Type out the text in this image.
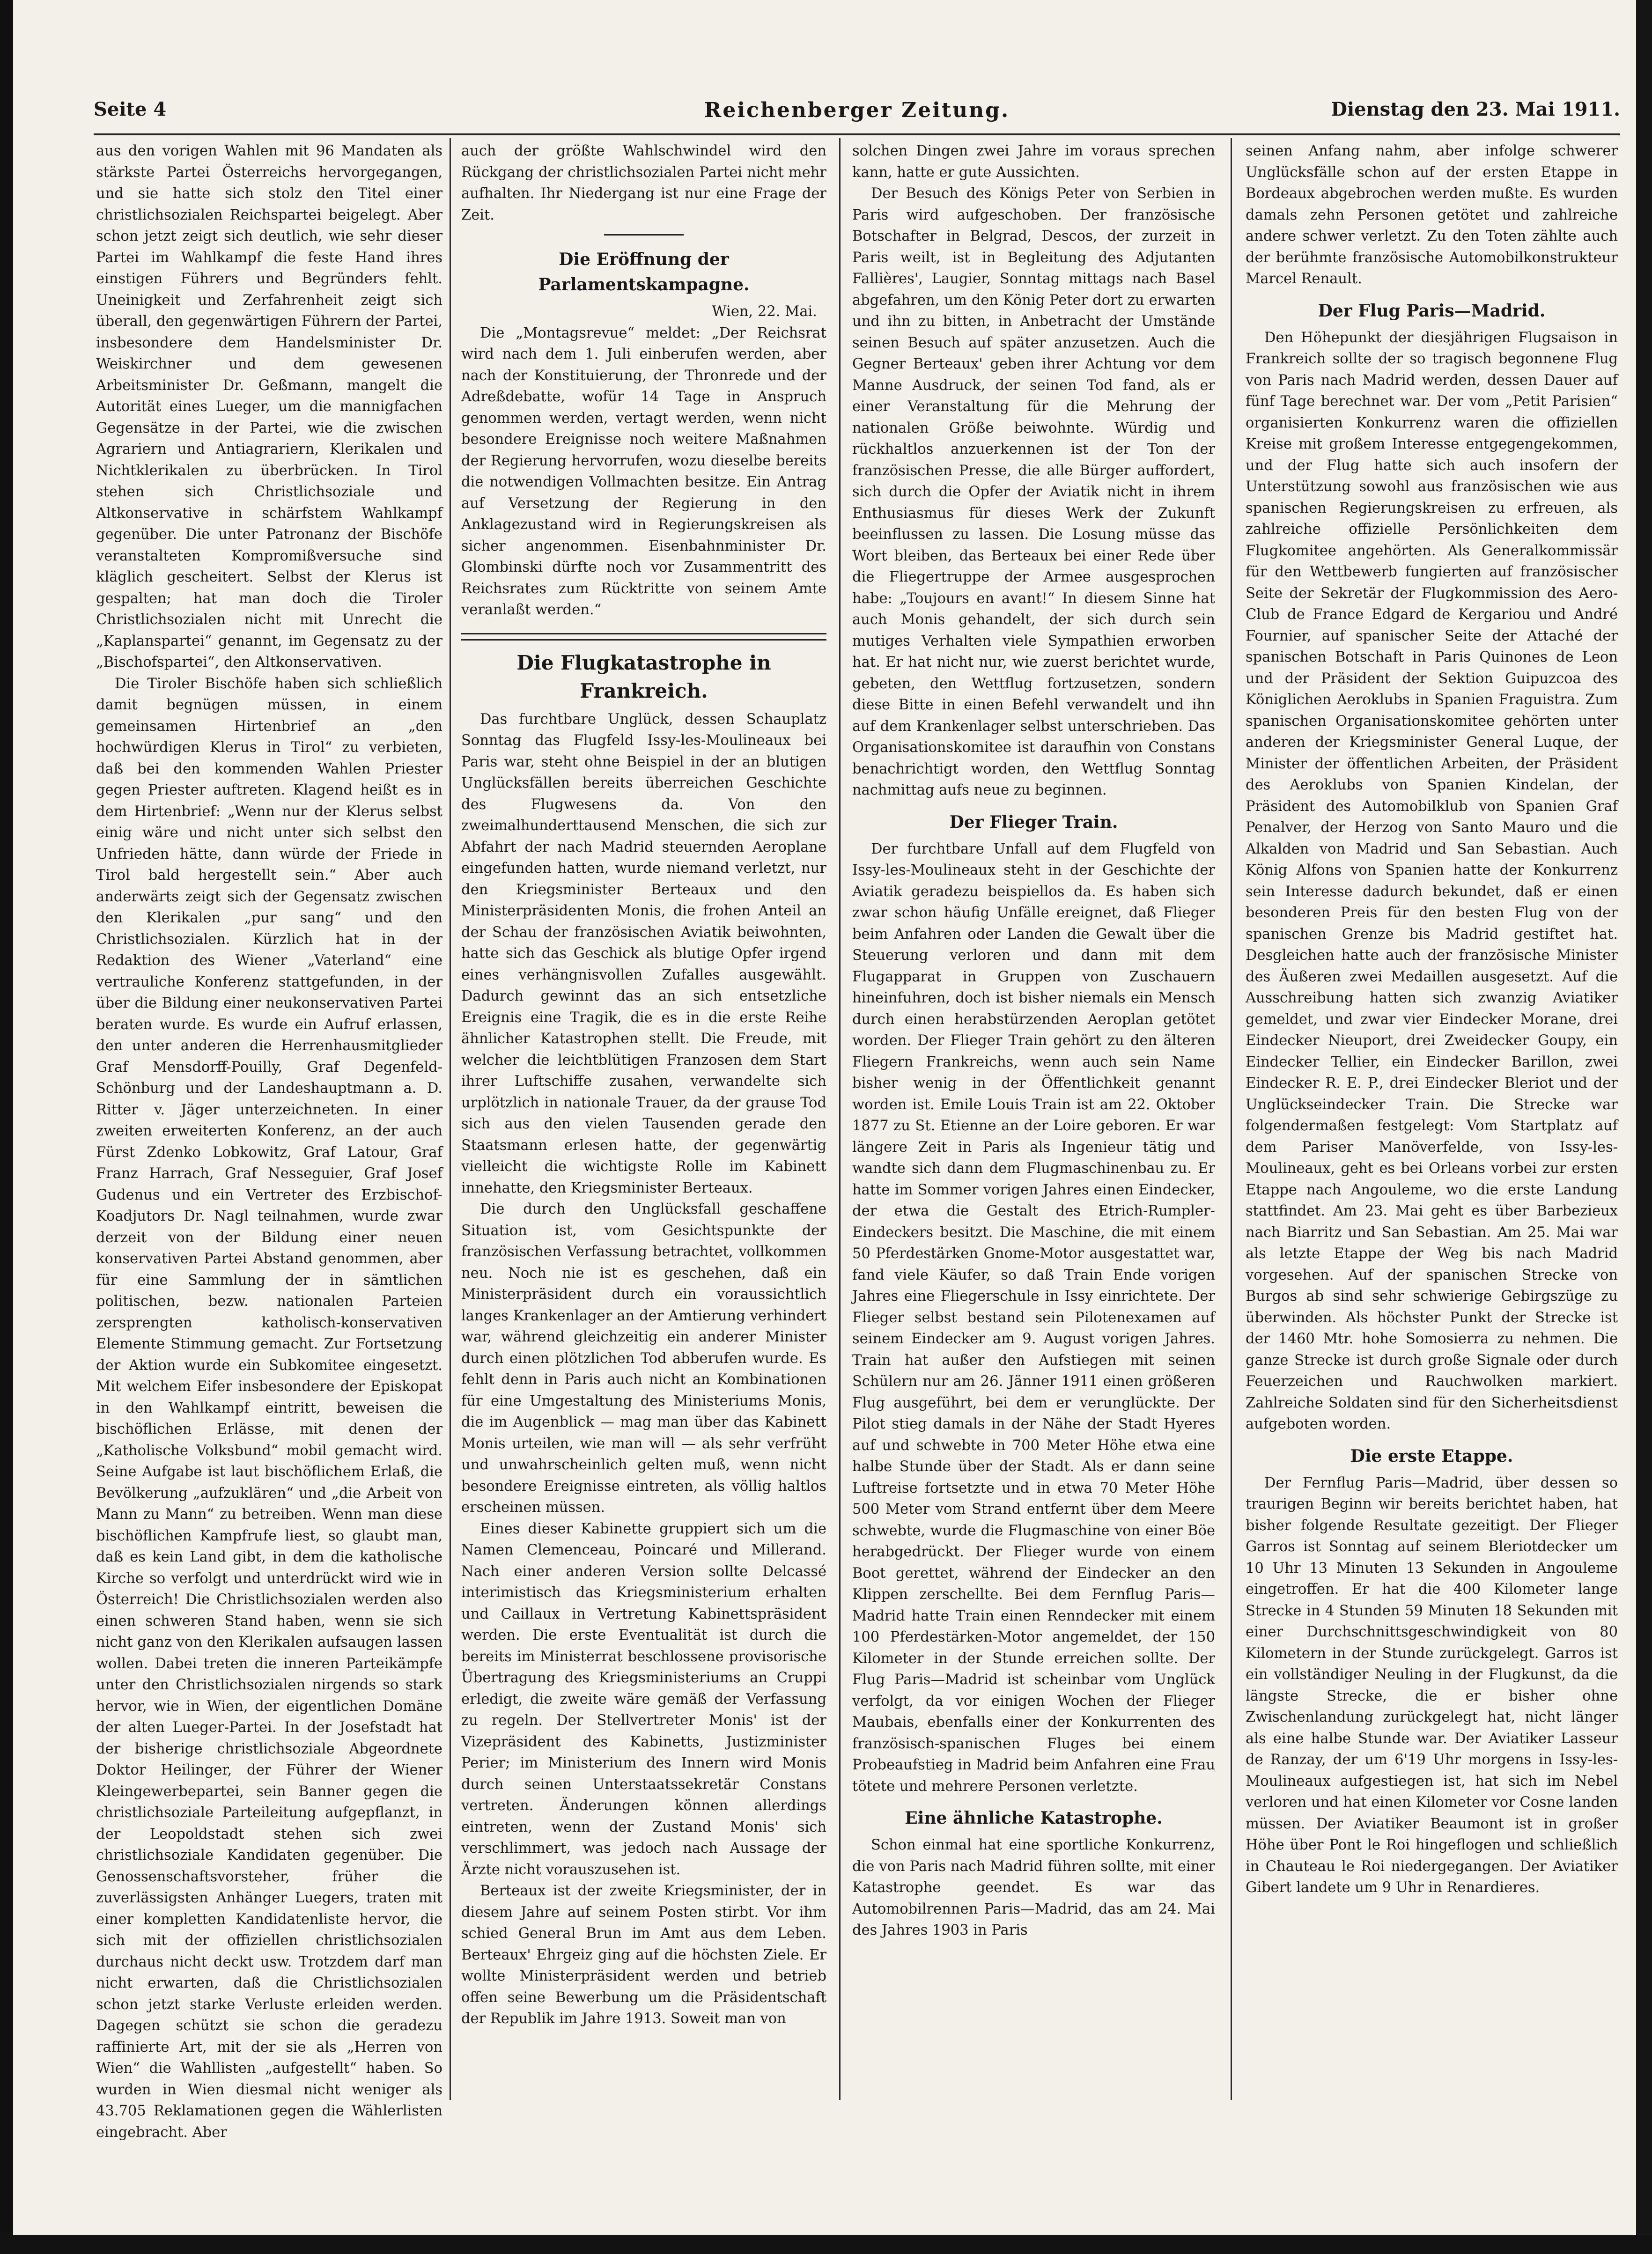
Seite 4	Reichenberger Zeitung.	Dienstag den 23. Mai 1911.

aus den vorigen Wahlen mit 96 Mandaten als stärkste Partei Österreichs hervorgegangen, und sie hatte sich stolz den Titel einer christlichsozialen Reichspartei beigelegt. Aber schon jetzt zeigt sich deutlich, wie sehr dieser Partei im Wahlkampf die feste Hand ihres einstigen Führers und Begründers fehlt. Uneinigkeit und Zerfahrenheit zeigt sich überall, den gegenwärtigen Führern der Partei, insbesondere dem Handelsminister Dr. Weiskirchner und dem gewesenen Arbeitsminister Dr. Geßmann, mangelt die Autorität eines Lueger, um die mannigfachen Gegensätze in der Partei, wie die zwischen Agrariern und Antiagrariern, Klerikalen und Nichtklerikalen zu überbrücken. In Tirol stehen sich Christlichsoziale und Altkonservative in schärfstem Wahlkampf gegenüber. Die unter Patronanz der Bischöfe veranstalteten Kompromißversuche sind kläglich gescheitert. Selbst der Klerus ist gespalten; hat man doch die Tiroler Christlichsozialen nicht mit Unrecht die „Kaplanspartei“ genannt, im Gegensatz zu der „Bischofspartei“, den Altkonservativen.

Die Tiroler Bischöfe haben sich schließlich damit begnügen müssen, in einem gemeinsamen Hirtenbrief an „den hochwürdigen Klerus in Tirol“ zu verbieten, daß bei den kommenden Wahlen Priester gegen Priester auftreten. Klagend heißt es in dem Hirtenbrief: „Wenn nur der Klerus selbst einig wäre und nicht unter sich selbst den Unfrieden hätte, dann würde der Friede in Tirol bald hergestellt sein.“ Aber auch anderwärts zeigt sich der Gegensatz zwischen den Klerikalen „pur sang“ und den Christlichsozialen. Kürzlich hat in der Redaktion des Wiener „Vaterland“ eine vertrauliche Konferenz stattgefunden, in der über die Bildung einer neukonservativen Partei beraten wurde. Es wurde ein Aufruf erlassen, den unter anderen die Herrenhausmitglieder Graf Mensdorff-Pouilly, Graf Degenfeld-Schönburg und der Landeshauptmann a. D. Ritter v. Jäger unterzeichneten. In einer zweiten erweiterten Konferenz, an der auch Fürst Zdenko Lobkowitz, Graf Latour, Graf Franz Harrach, Graf Nesseguier, Graf Josef Gudenus und ein Vertreter des Erzbischof-Koadjutors Dr. Nagl teilnahmen, wurde zwar derzeit von der Bildung einer neuen konservativen Partei Abstand genommen, aber für eine Sammlung der in sämtlichen politischen, bezw. nationalen Parteien zersprengten katholisch-konservativen Elemente Stimmung gemacht. Zur Fortsetzung der Aktion wurde ein Subkomitee eingesetzt. Mit welchem Eifer insbesondere der Episkopat in den Wahlkampf eintritt, beweisen die bischöflichen Erlässe, mit denen der „Katholische Volksbund“ mobil gemacht wird. Seine Aufgabe ist laut bischöflichem Erlaß, die Bevölkerung „aufzuklären“ und „die Arbeit von Mann zu Mann“ zu betreiben. Wenn man diese bischöflichen Kampfrufe liest, so glaubt man, daß es kein Land gibt, in dem die katholische Kirche so verfolgt und unterdrückt wird wie in Österreich! Die Christlichsozialen werden also einen schweren Stand haben, wenn sie sich nicht ganz von den Klerikalen aufsaugen lassen wollen. Dabei treten die inneren Parteikämpfe unter den Christlichsozialen nirgends so stark hervor, wie in Wien, der eigentlichen Domäne der alten Lueger-Partei. In der Josefstadt hat der bisherige christlichsoziale Abgeordnete Doktor Heilinger, der Führer der Wiener Kleingewerbepartei, sein Banner gegen die christlichsoziale Parteileitung aufgepflanzt, in der Leopoldstadt stehen sich zwei christlichsoziale Kandidaten gegenüber. Die Genossenschaftsvorsteher, früher die zuverlässigsten Anhänger Luegers, traten mit einer kompletten Kandidatenliste hervor, die sich mit der offiziellen christlichsozialen durchaus nicht deckt usw. Trotzdem darf man nicht erwarten, daß die Christlichsozialen schon jetzt starke Verluste erleiden werden. Dagegen schützt sie schon die geradezu raffinierte Art, mit der sie als „Herren von Wien“ die Wahllisten „aufgestellt“ haben. So wurden in Wien diesmal nicht weniger als 43.705 Reklamationen gegen die Wählerlisten eingebracht. Aber

auch der größte Wahlschwindel wird den Rückgang der christlichsozialen Partei nicht mehr aufhalten. Ihr Niedergang ist nur eine Frage der Zeit.

Die Eröffnung der Parlamentskampagne.

Wien, 22. Mai.

Die „Montagsrevue“ meldet: „Der Reichsrat wird nach dem 1. Juli einberufen werden, aber nach der Konstituierung, der Thronrede und der Adreßdebatte, wofür 14 Tage in Anspruch genommen werden, vertagt werden, wenn nicht besondere Ereignisse noch weitere Maßnahmen der Regierung hervorrufen, wozu dieselbe bereits die notwendigen Vollmachten besitze. Ein Antrag auf Versetzung der Regierung in den Anklagezustand wird in Regierungskreisen als sicher angenommen. Eisenbahnminister Dr. Glombinski dürfte noch vor Zusammentritt des Reichsrates zum Rücktritte von seinem Amte veranlaßt werden.“

Die Flugkatastrophe in Frankreich.

Das furchtbare Unglück, dessen Schauplatz Sonntag das Flugfeld Issy-les-Moulineaux bei Paris war, steht ohne Beispiel in der an blutigen Unglücksfällen bereits überreichen Geschichte des Flugwesens da. Von den zweimalhunderttausend Menschen, die sich zur Abfahrt der nach Madrid steuernden Aeroplane eingefunden hatten, wurde niemand verletzt, nur den Kriegsminister Berteaux und den Ministerpräsidenten Monis, die frohen Anteil an der Schau der französischen Aviatik beiwohnten, hatte sich das Geschick als blutige Opfer irgend eines verhängnisvollen Zufalles ausgewählt. Dadurch gewinnt das an sich entsetzliche Ereignis eine Tragik, die es in die erste Reihe ähnlicher Katastrophen stellt. Die Freude, mit welcher die leichtblütigen Franzosen dem Start ihrer Luftschiffe zusahen, verwandelte sich urplötzlich in nationale Trauer, da der grause Tod sich aus den vielen Tausenden gerade den Staatsmann erlesen hatte, der gegenwärtig vielleicht die wichtigste Rolle im Kabinett innehatte, den Kriegsminister Berteaux.

Die durch den Unglücksfall geschaffene Situation ist, vom Gesichtspunkte der französischen Verfassung betrachtet, vollkommen neu. Noch nie ist es geschehen, daß ein Ministerpräsident durch ein voraussichtlich langes Krankenlager an der Amtierung verhindert war, während gleichzeitig ein anderer Minister durch einen plötzlichen Tod abberufen wurde. Es fehlt denn in Paris auch nicht an Kombinationen für eine Umgestaltung des Ministeriums Monis, die im Augenblick — mag man über das Kabinett Monis urteilen, wie man will — als sehr verfrüht und unwahrscheinlich gelten muß, wenn nicht besondere Ereignisse eintreten, als völlig haltlos erscheinen müssen.

Eines dieser Kabinette gruppiert sich um die Namen Clemenceau, Poincaré und Millerand. Nach einer anderen Version sollte Delcassé interimistisch das Kriegsministerium erhalten und Caillaux in Vertretung Kabinettspräsident werden. Die erste Eventualität ist durch die bereits im Ministerrat beschlossene provisorische Übertragung des Kriegsministeriums an Cruppi erledigt, die zweite wäre gemäß der Verfassung zu regeln. Der Stellvertreter Monis' ist der Vizepräsident des Kabinetts, Justizminister Perier; im Ministerium des Innern wird Monis durch seinen Unterstaatssekretär Constans vertreten. Änderungen können allerdings eintreten, wenn der Zustand Monis' sich verschlimmert, was jedoch nach Aussage der Ärzte nicht vorauszusehen ist.

Berteaux ist der zweite Kriegsminister, der in diesem Jahre auf seinem Posten stirbt. Vor ihm schied General Brun im Amt aus dem Leben. Berteaux' Ehrgeiz ging auf die höchsten Ziele. Er wollte Ministerpräsident werden und betrieb offen seine Bewerbung um die Präsidentschaft der Republik im Jahre 1913. Soweit man von

solchen Dingen zwei Jahre im voraus sprechen kann, hatte er gute Aussichten.

Der Besuch des Königs Peter von Serbien in Paris wird aufgeschoben. Der französische Botschafter in Belgrad, Descos, der zurzeit in Paris weilt, ist in Begleitung des Adjutanten Fallières', Laugier, Sonntag mittags nach Basel abgefahren, um den König Peter dort zu erwarten und ihn zu bitten, in Anbetracht der Umstände seinen Besuch auf später anzusetzen. Auch die Gegner Berteaux' geben ihrer Achtung vor dem Manne Ausdruck, der seinen Tod fand, als er einer Veranstaltung für die Mehrung der nationalen Größe beiwohnte. Würdig und rückhaltlos anzuerkennen ist der Ton der französischen Presse, die alle Bürger auffordert, sich durch die Opfer der Aviatik nicht in ihrem Enthusiasmus für dieses Werk der Zukunft beeinflussen zu lassen. Die Losung müsse das Wort bleiben, das Berteaux bei einer Rede über die Fliegertruppe der Armee ausgesprochen habe: „Toujours en avant!“ In diesem Sinne hat auch Monis gehandelt, der sich durch sein mutiges Verhalten viele Sympathien erworben hat. Er hat nicht nur, wie zuerst berichtet wurde, gebeten, den Wettflug fortzusetzen, sondern diese Bitte in einen Befehl verwandelt und ihn auf dem Krankenlager selbst unterschrieben. Das Organisationskomitee ist daraufhin von Constans benachrichtigt worden, den Wettflug Sonntag nachmittag aufs neue zu beginnen.

Der Flieger Train.

Der furchtbare Unfall auf dem Flugfeld von Issy-les-Moulineaux steht in der Geschichte der Aviatik geradezu beispiellos da. Es haben sich zwar schon häufig Unfälle ereignet, daß Flieger beim Anfahren oder Landen die Gewalt über die Steuerung verloren und dann mit dem Flugapparat in Gruppen von Zuschauern hineinfuhren, doch ist bisher niemals ein Mensch durch einen herabstürzenden Aeroplan getötet worden. Der Flieger Train gehört zu den älteren Fliegern Frankreichs, wenn auch sein Name bisher wenig in der Öffentlichkeit genannt worden ist. Emile Louis Train ist am 22. Oktober 1877 zu St. Etienne an der Loire geboren. Er war längere Zeit in Paris als Ingenieur tätig und wandte sich dann dem Flugmaschinenbau zu. Er hatte im Sommer vorigen Jahres einen Eindecker, der etwa die Gestalt des Etrich-Rumpler-Eindeckers besitzt. Die Maschine, die mit einem 50 Pferdestärken Gnome-Motor ausgestattet war, fand viele Käufer, so daß Train Ende vorigen Jahres eine Fliegerschule in Issy einrichtete. Der Flieger selbst bestand sein Pilotenexamen auf seinem Eindecker am 9. August vorigen Jahres. Train hat außer den Aufstiegen mit seinen Schülern nur am 26. Jänner 1911 einen größeren Flug ausgeführt, bei dem er verunglückte. Der Pilot stieg damals in der Nähe der Stadt Hyeres auf und schwebte in 700 Meter Höhe etwa eine halbe Stunde über der Stadt. Als er dann seine Luftreise fortsetzte und in etwa 70 Meter Höhe 500 Meter vom Strand entfernt über dem Meere schwebte, wurde die Flugmaschine von einer Böe herabgedrückt. Der Flieger wurde von einem Boot gerettet, während der Eindecker an den Klippen zerschellte. Bei dem Fernflug Paris—Madrid hatte Train einen Renndecker mit einem 100 Pferdestärken-Motor angemeldet, der 150 Kilometer in der Stunde erreichen sollte. Der Flug Paris—Madrid ist scheinbar vom Unglück verfolgt, da vor einigen Wochen der Flieger Maubais, ebenfalls einer der Konkurrenten des französisch-spanischen Fluges bei einem Probeaufstieg in Madrid beim Anfahren eine Frau tötete und mehrere Personen verletzte.

Eine ähnliche Katastrophe.

Schon einmal hat eine sportliche Konkurrenz, die von Paris nach Madrid führen sollte, mit einer Katastrophe geendet. Es war das Automobilrennen Paris—Madrid, das am 24. Mai des Jahres 1903 in Paris

seinen Anfang nahm, aber infolge schwerer Unglücksfälle schon auf der ersten Etappe in Bordeaux abgebrochen werden mußte. Es wurden damals zehn Personen getötet und zahlreiche andere schwer verletzt. Zu den Toten zählte auch der berühmte französische Automobilkonstrukteur Marcel Renault.

Der Flug Paris—Madrid.

Den Höhepunkt der diesjährigen Flugsaison in Frankreich sollte der so tragisch begonnene Flug von Paris nach Madrid werden, dessen Dauer auf fünf Tage berechnet war. Der vom „Petit Parisien“ organisierten Konkurrenz waren die offiziellen Kreise mit großem Interesse entgegengekommen, und der Flug hatte sich auch insofern der Unterstützung sowohl aus französischen wie aus spanischen Regierungskreisen zu erfreuen, als zahlreiche offizielle Persönlichkeiten dem Flugkomitee angehörten. Als Generalkommissär für den Wettbewerb fungierten auf französischer Seite der Sekretär der Flugkommission des Aero-Club de France Edgard de Kergariou und André Fournier, auf spanischer Seite der Attaché der spanischen Botschaft in Paris Quinones de Leon und der Präsident der Sektion Guipuzcoa des Königlichen Aeroklubs in Spanien Fraguistra. Zum spanischen Organisationskomitee gehörten unter anderen der Kriegsminister General Luque, der Minister der öffentlichen Arbeiten, der Präsident des Aeroklubs von Spanien Kindelan, der Präsident des Automobilklub von Spanien Graf Penalver, der Herzog von Santo Mauro und die Alkalden von Madrid und San Sebastian. Auch König Alfons von Spanien hatte der Konkurrenz sein Interesse dadurch bekundet, daß er einen besonderen Preis für den besten Flug von der spanischen Grenze bis Madrid gestiftet hat. Desgleichen hatte auch der französische Minister des Äußeren zwei Medaillen ausgesetzt. Auf die Ausschreibung hatten sich zwanzig Aviatiker gemeldet, und zwar vier Eindecker Morane, drei Eindecker Nieuport, drei Zweidecker Goupy, ein Eindecker Tellier, ein Eindecker Barillon, zwei Eindecker R. E. P., drei Eindecker Bleriot und der Unglückseindecker Train. Die Strecke war folgendermaßen festgelegt: Vom Startplatz auf dem Pariser Manöverfelde, von Issy-les-Moulineaux, geht es bei Orleans vorbei zur ersten Etappe nach Angouleme, wo die erste Landung stattfindet. Am 23. Mai geht es über Barbezieux nach Biarritz und San Sebastian. Am 25. Mai war als letzte Etappe der Weg bis nach Madrid vorgesehen. Auf der spanischen Strecke von Burgos ab sind sehr schwierige Gebirgszüge zu überwinden. Als höchster Punkt der Strecke ist der 1460 Mtr. hohe Somosierra zu nehmen. Die ganze Strecke ist durch große Signale oder durch Feuerzeichen und Rauchwolken markiert. Zahlreiche Soldaten sind für den Sicherheitsdienst aufgeboten worden.

Die erste Etappe.

Der Fernflug Paris—Madrid, über dessen so traurigen Beginn wir bereits berichtet haben, hat bisher folgende Resultate gezeitigt. Der Flieger Garros ist Sonntag auf seinem Bleriotdecker um 10 Uhr 13 Minuten 13 Sekunden in Angouleme eingetroffen. Er hat die 400 Kilometer lange Strecke in 4 Stunden 59 Minuten 18 Sekunden mit einer Durchschnittsgeschwindigkeit von 80 Kilometern in der Stunde zurückgelegt. Garros ist ein vollständiger Neuling in der Flugkunst, da die längste Strecke, die er bisher ohne Zwischenlandung zurückgelegt hat, nicht länger als eine halbe Stunde war. Der Aviatiker Lasseur de Ranzay, der um 6'19 Uhr morgens in Issy-les-Moulineaux aufgestiegen ist, hat sich im Nebel verloren und hat einen Kilometer vor Cosne landen müssen. Der Aviatiker Beaumont ist in großer Höhe über Pont le Roi hingeflogen und schließlich in Chauteau le Roi niedergegangen. Der Aviatiker Gibert landete um 9 Uhr in Renardieres.
